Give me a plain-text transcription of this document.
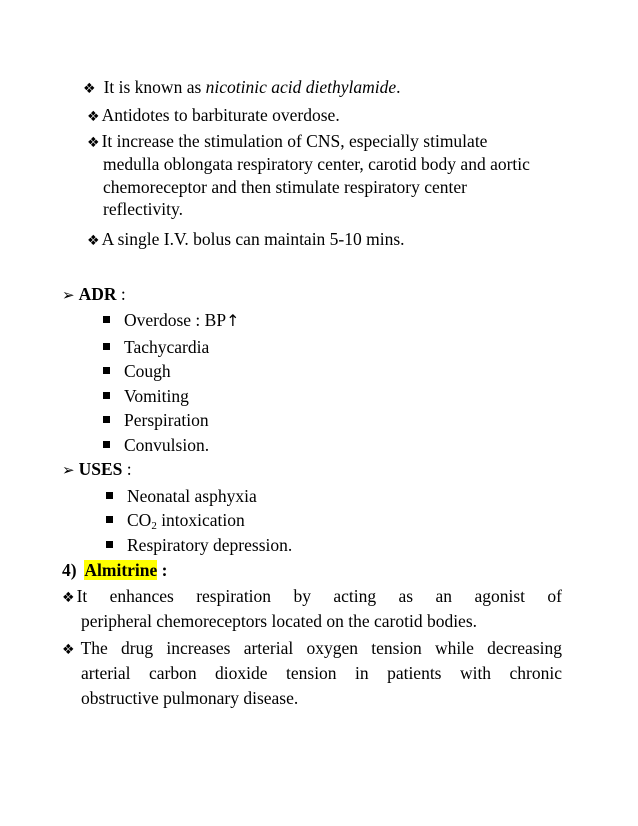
❖ It is known as nicotinic acid diethylamide.
❖ Antidotes to barbiturate overdose.
❖ It increase the stimulation of CNS, especially stimulate
medulla oblongata respiratory center, carotid body and aortic
chemoreceptor and then stimulate respiratory center
reflectivity.
❖ A single I.V. bolus can maintain 5-10 mins.
➢ ADR :
Overdose : BP↑
Tachycardia
Cough
Vomiting
Perspiration
Convulsion.
➢ USES :
Neonatal asphyxia
$CO_2$ intoxication
Respiratory depression.
4) Almitrine :
❖ It enhances respiration by acting as an agonist of
peripheral chemoreceptors located on the carotid bodies.
❖ The drug increases arterial oxygen tension while decreasing
arterial carbon dioxide tension in patients with chronic
obstructive pulmonary disease.
